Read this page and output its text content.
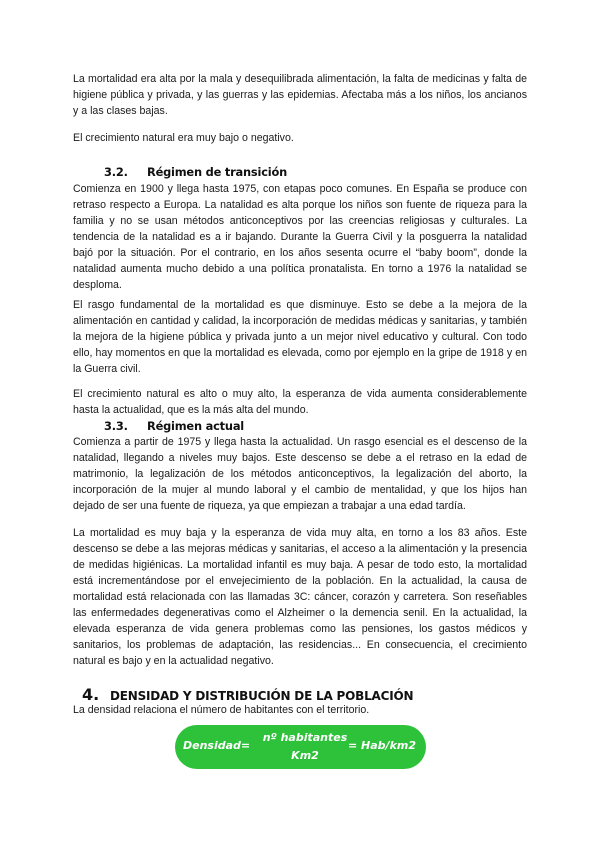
La mortalidad era alta por la mala y desequilibrada alimentación, la falta de medicinas y falta de higiene pública y privada, y las guerras y las epidemias. Afectaba más a los niños, los ancianos y a las clases bajas.

El crecimiento natural era muy bajo o negativo.

3.2. Régimen de transición

Comienza en 1900 y llega hasta 1975, con etapas poco comunes. En España se produce con retraso respecto a Europa. La natalidad es alta porque los niños son fuente de riqueza para la familia y no se usan métodos anticonceptivos por las creencias religiosas y culturales. La tendencia de la natalidad es a ir bajando. Durante la Guerra Civil y la posguerra la natalidad bajó por la situación. Por el contrario, en los años sesenta ocurre el “baby boom”, donde la natalidad aumenta mucho debido a una política pronatalista. En torno a 1976 la natalidad se desploma.

El rasgo fundamental de la mortalidad es que disminuye. Esto se debe a la mejora de la alimentación en cantidad y calidad, la incorporación de medidas médicas y sanitarias, y también la mejora de la higiene pública y privada junto a un mejor nivel educativo y cultural. Con todo ello, hay momentos en que la mortalidad es elevada, como por ejemplo en la gripe de 1918 y en la Guerra civil.

El crecimiento natural es alto o muy alto, la esperanza de vida aumenta considerablemente hasta la actualidad, que es la más alta del mundo.

3.3. Régimen actual

Comienza a partir de 1975 y llega hasta la actualidad. Un rasgo esencial es el descenso de la natalidad, llegando a niveles muy bajos. Este descenso se debe a el retraso en la edad de matrimonio, la legalización de los métodos anticonceptivos, la legalización del aborto, la incorporación de la mujer al mundo laboral y el cambio de mentalidad, y que los hijos han dejado de ser una fuente de riqueza, ya que empiezan a trabajar a una edad tardía.

La mortalidad es muy baja y la esperanza de vida muy alta, en torno a los 83 años. Este descenso se debe a las mejoras médicas y sanitarias, el acceso a la alimentación y la presencia de medidas higiénicas. La mortalidad infantil es muy baja. A pesar de todo esto, la mortalidad está incrementándose por el envejecimiento de la población. En la actualidad, la causa de mortalidad está relacionada con las llamadas 3C: cáncer, corazón y carretera. Son reseñables las enfermedades degenerativas como el Alzheimer o la demencia senil. En la actualidad, la elevada esperanza de vida genera problemas como las pensiones, los gastos médicos y sanitarios, los problemas de adaptación, las residencias... En consecuencia, el crecimiento natural es bajo y en la actualidad negativo.

4. DENSIDAD Y DISTRIBUCIÓN DE LA POBLACIÓN

La densidad relaciona el número de habitantes con el territorio.

Densidad=
nº habitantes
Km2
= Hab/km2
